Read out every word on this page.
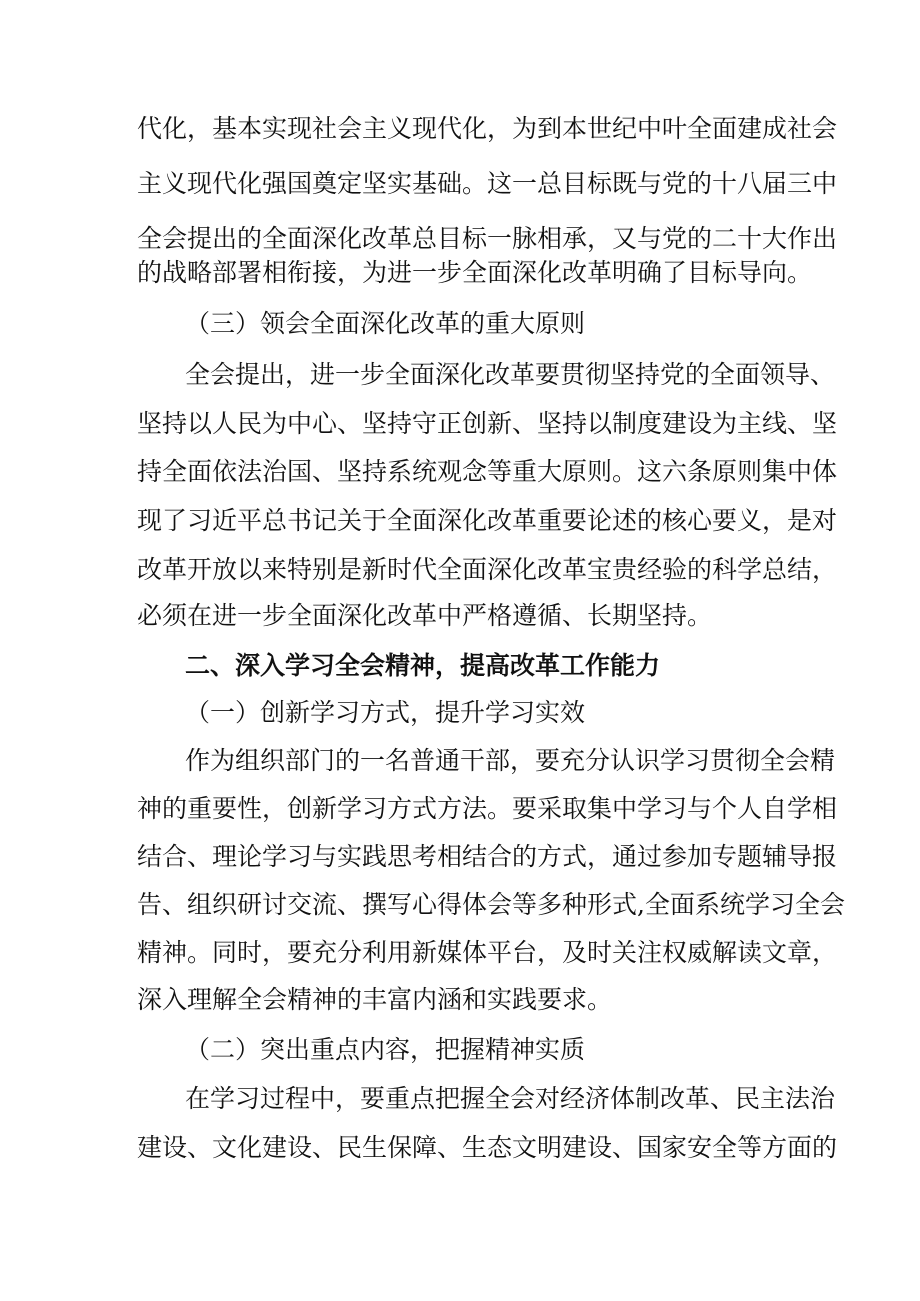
代化，基本实现社会主义现代化，为到本世纪中叶全面建成社会
主义现代化强国奠定坚实基础。这一总目标既与党的十八届三中
全会提出的全面深化改革总目标一脉相承，又与党的二十大作出
的战略部署相衔接，为进一步全面深化改革明确了目标导向。
（三）领会全面深化改革的重大原则
全会提出，进一步全面深化改革要贯彻坚持党的全面领导、
坚持以人民为中心、坚持守正创新、坚持以制度建设为主线、坚
持全面依法治国、坚持系统观念等重大原则。这六条原则集中体
现了习近平总书记关于全面深化改革重要论述的核心要义，是对
改革开放以来特别是新时代全面深化改革宝贵经验的科学总结，
必须在进一步全面深化改革中严格遵循、长期坚持。
二、深入学习全会精神，提高改革工作能力
（一）创新学习方式，提升学习实效
作为组织部门的一名普通干部，要充分认识学习贯彻全会精
神的重要性，创新学习方式方法。要采取集中学习与个人自学相
结合、理论学习与实践思考相结合的方式，通过参加专题辅导报
告、组织研讨交流、撰写心得体会等多种形式,全面系统学习全会
精神。同时，要充分利用新媒体平台，及时关注权威解读文章，
深入理解全会精神的丰富内涵和实践要求。
（二）突出重点内容，把握精神实质
在学习过程中，要重点把握全会对经济体制改革、民主法治
建设、文化建设、民生保障、生态文明建设、国家安全等方面的
